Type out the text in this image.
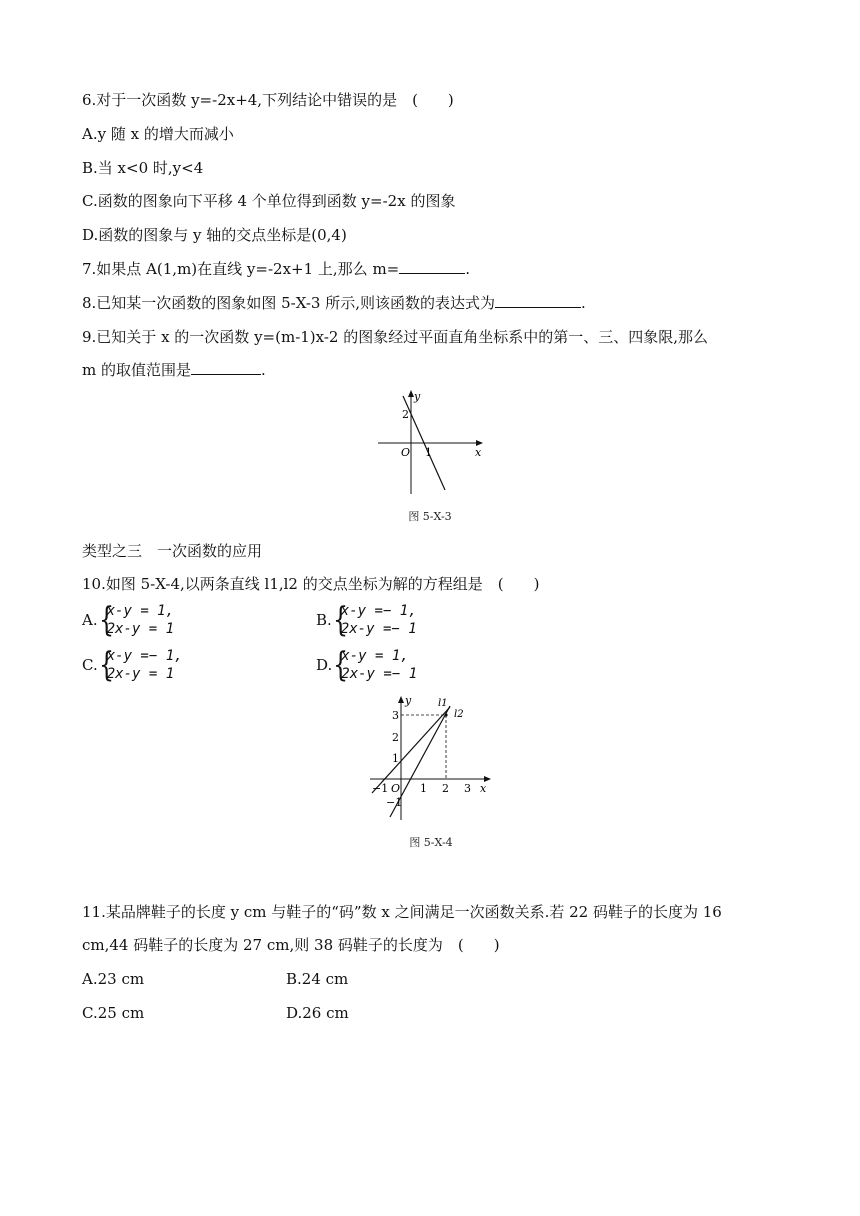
6.对于一次函数 y=-2x+4,下列结论中错误的是　(　　)
A.y 随 x 的增大而减小
B.当 x<0 时,y<4
C.函数的图象向下平移 4 个单位得到函数 y=-2x 的图象
D.函数的图象与 y 轴的交点坐标是(0,4)
7.如果点 A(1,m)在直线 y=-2x+1 上,那么 m=	.
8.已知某一次函数的图象如图 5-X-3 所示,则该函数的表达式为	.
9.已知关于 x 的一次函数 y=(m-1)x-2 的图象经过平面直角坐标系中的第一、三、四象限,那么
m 的取值范围是	.
y
x
O
2
1
图 5-X-3
类型之三　一次函数的应用
10.如图 5-X-4,以两条直线 l1,l2 的交点坐标为解的方程组是　(　　)
A. {
x-y = 1,
2x-y = 1	B. {
x-y =− 1,
2x-y =− 1
C. {
x-y =− 1,
2x-y = 1	D. {
x-y = 1,
2x-y =− 1
y
x
l1
l2
3
2
1
−1
−1 O 1 2 3
图 5-X-4
11.某品牌鞋子的长度 y cm 与鞋子的“码”数 x 之间满足一次函数关系.若 22 码鞋子的长度为 16
cm,44 码鞋子的长度为 27 cm,则 38 码鞋子的长度为　(　　)
A.23 cm	B.24 cm
C.25 cm	D.26 cm
